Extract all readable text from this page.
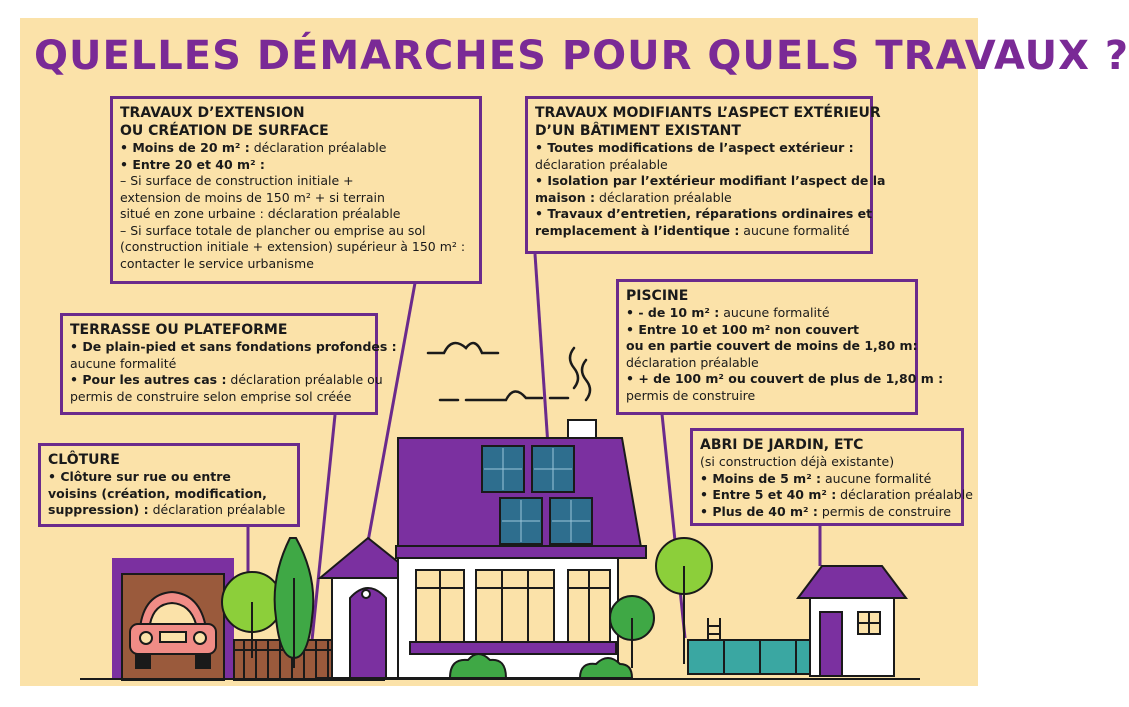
QUELLES DÉMARCHES POUR QUELS TRAVAUX ?
TRAVAUX D’EXTENSION
OU CRÉATION DE SURFACE
• Moins de 20 m² : déclaration préalable
• Entre 20 et 40 m² :
– Si surface de construction initiale +
extension de moins de 150 m² + si terrain
situé en zone urbaine : déclaration préalable
– Si surface totale de plancher ou emprise au sol
(construction initiale + extension) supérieur à 150 m² :
contacter le service urbanisme
TRAVAUX MODIFIANTS L’ASPECT EXTÉRIEUR
D’UN BÂTIMENT EXISTANT
• Toutes modifications de l’aspect extérieur :
déclaration préalable
• Isolation par l’extérieur modifiant l’aspect de la
maison : déclaration préalable
• Travaux d’entretien, réparations ordinaires et
remplacement à l’identique : aucune formalité
TERRASSE OU PLATEFORME
• De plain-pied et sans fondations profondes :
aucune formalité
• Pour les autres cas : déclaration préalable ou
permis de construire selon emprise sol créée
PISCINE
• - de 10 m² : aucune formalité
• Entre 10 et 100 m² non couvert
ou en partie couvert de moins de 1,80 m:
déclaration préalable
• + de 100 m² ou couvert de plus de 1,80 m :
permis de construire
CLÔTURE
• Clôture sur rue ou entre
voisins (création, modification,
suppression) : déclaration préalable
ABRI DE JARDIN, ETC
(si construction déjà existante)
• Moins de 5 m² : aucune formalité
• Entre 5 et 40 m² : déclaration préalable
• Plus de 40 m² : permis de construire
